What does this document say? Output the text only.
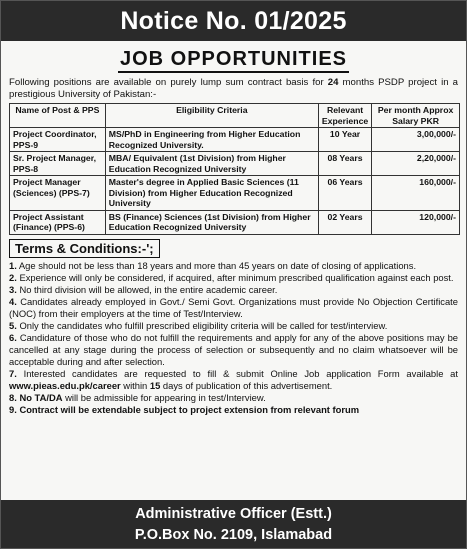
Notice No. 01/2025
JOB OPPORTUNITIES

Following positions are available on purely lump sum contract basis for 24 months PSDP project in a prestigious University of Pakistan:-

Name of Post & PPS	Eligibility Criteria	Relevant Experience	Per month Approx Salary PKR
Project Coordinator, PPS-9	MS/PhD in Engineering from Higher Education Recognized University.	10 Year	3,00,000/-
Sr. Project Manager, PPS-8	MBA/ Equivalent (1st Division) from Higher Education Recognized University	08 Years	2,20,000/-
Project Manager (Sciences) (PPS-7)	Master's degree in Applied Basic Sciences (11 Division) from Higher Education Recognized University	06 Years	160,000/-
Project Assistant (Finance) (PPS-6)	BS (Finance) Sciences (1st Division) from Higher Education Recognized University	02 Years	120,000/-
Terms & Conditions:-';
1. Age should not be less than 18 years and more than 45 years on date of closing of applications.
2. Experience will only be considered, if acquired, after minimum prescribed qualification against each post.
3. No third division will be allowed, in the entire academic career.
4. Candidates already employed in Govt./ Semi Govt. Organizations must provide No Objection Certificate (NOC) from their employers at the time of Test/Interview.
5. Only the candidates who fulfill prescribed eligibility criteria will be called for test/interview.
6. Candidature of those who do not fulfill the requirements and apply for any of the above positions may be cancelled at any stage during the process of selection or subsequently and no claim whatsoever will be acceptable during and after selection.
7. Interested candidates are requested to fill & submit Online Job application Form available at www.pieas.edu.pk/career within 15 days of publication of this advertisement.
8. No TA/DA will be admissible for appearing in test/Interview.
9. Contract will be extendable subject to project extension from relevant forum
Administrative Officer (Estt.)
P.O.Box No. 2109, Islamabad
